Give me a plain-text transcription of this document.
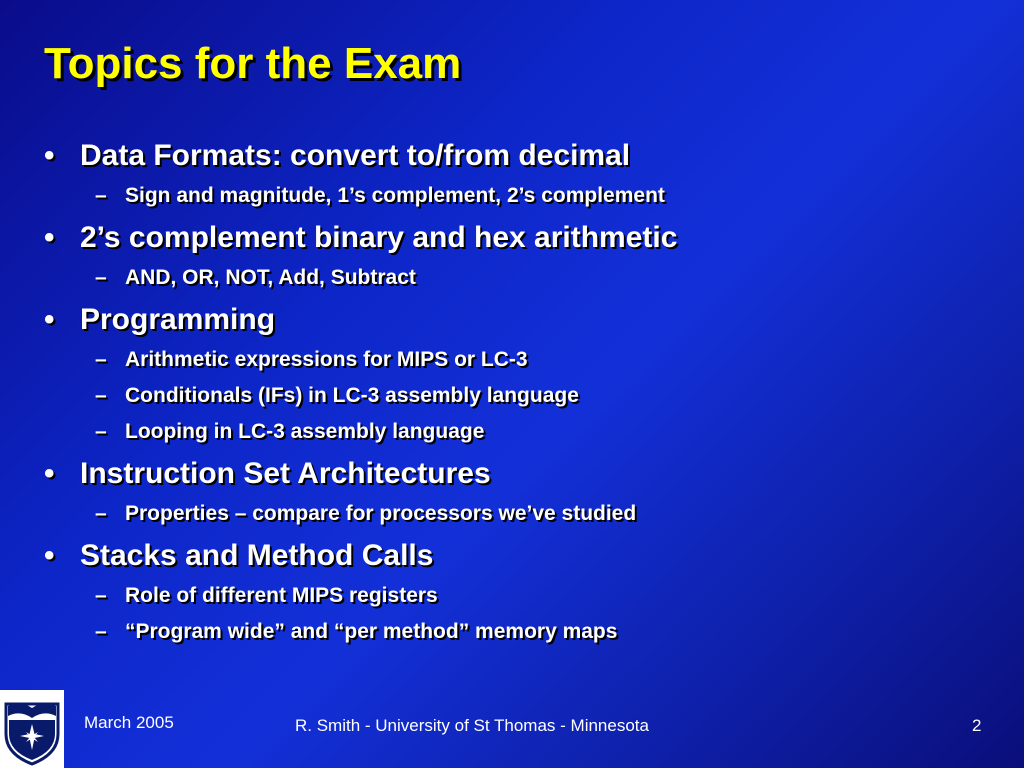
Topics for the Exam
• Data Formats: convert to/from decimal
– Sign and magnitude, 1’s complement, 2’s complement
• 2’s complement binary and hex arithmetic
– AND, OR, NOT, Add, Subtract
• Programming
– Arithmetic expressions for MIPS or LC-3
– Conditionals (IFs) in LC-3 assembly language
– Looping in LC-3 assembly language
• Instruction Set Architectures
– Properties – compare for processors we’ve studied
• Stacks and Method Calls
– Role of different MIPS registers
– “Program wide” and “per method” memory maps
March 2005	R. Smith - University of St Thomas - Minnesota	2
